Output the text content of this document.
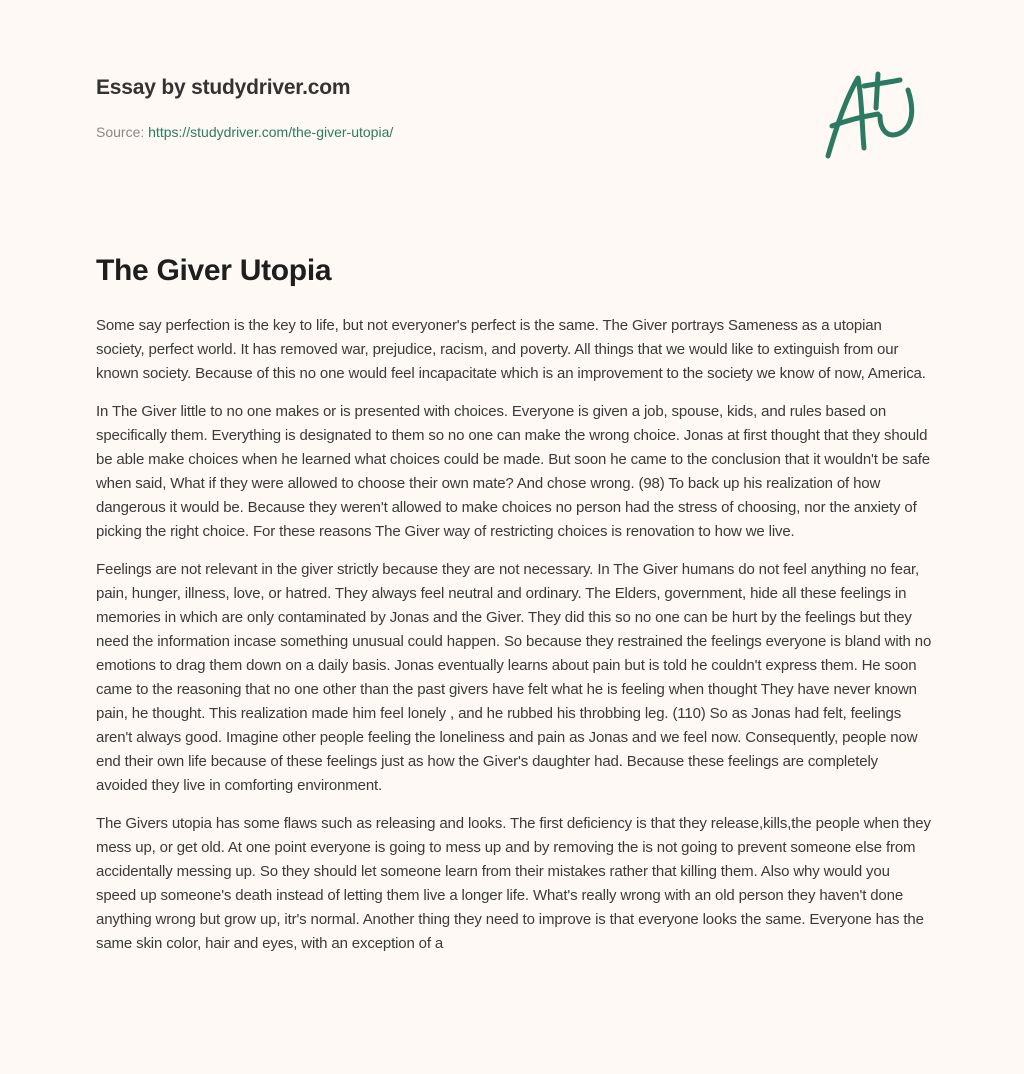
Essay by studydriver.com
Source: https://studydriver.com/the-giver-utopia/
The Giver Utopia

Some say perfection is the key to life, but not everyoner's perfect is the same. The Giver portrays Sameness as a utopian society, perfect world. It has removed war, prejudice, racism, and poverty. All things that we would like to extinguish from our known society. Because of this no one would feel incapacitate which is an improvement to the society we know of now, America.

In The Giver little to no one makes or is presented with choices. Everyone is given a job, spouse, kids, and rules based on specifically them. Everything is designated to them so no one can make the wrong choice. Jonas at first thought that they should be able make choices when he learned what choices could be made. But soon he came to the conclusion that it wouldn't be safe when said, What if they were allowed to choose their own mate? And chose wrong. (98) To back up his realization of how dangerous it would be. Because they weren't allowed to make choices no person had the stress of choosing, nor the anxiety of picking the right choice. For these reasons The Giver way of restricting choices is renovation to how we live.

Feelings are not relevant in the giver strictly because they are not necessary. In The Giver humans do not feel anything no fear, pain, hunger, illness, love, or hatred. They always feel neutral and ordinary. The Elders, government, hide all these feelings in memories in which are only contaminated by Jonas and the Giver. They did this so no one can be hurt by the feelings but they need the information incase something unusual could happen. So because they restrained the feelings everyone is bland with no emotions to drag them down on a daily basis. Jonas eventually learns about pain but is told he couldn't express them. He soon came to the reasoning that no one other than the past givers have felt what he is feeling when thought They have never known pain, he thought. This realization made him feel lonely , and he rubbed his throbbing leg. (110) So as Jonas had felt, feelings aren't always good. Imagine other people feeling the loneliness and pain as Jonas and we feel now. Consequently, people now end their own life because of these feelings just as how the Giver's daughter had. Because these feelings are completely avoided they live in comforting environment.

The Givers utopia has some flaws such as releasing and looks. The first deficiency is that they release,kills,the people when they mess up, or get old. At one point everyone is going to mess up and by removing the is not going to prevent someone else from accidentally messing up. So they should let someone learn from their mistakes rather that killing them. Also why would you speed up someone's death instead of letting them live a longer life. What's really wrong with an old person they haven't done anything wrong but grow up, itr's normal. Another thing they need to improve is that everyone looks the same. Everyone has the same skin color, hair and eyes, with an exception of a
